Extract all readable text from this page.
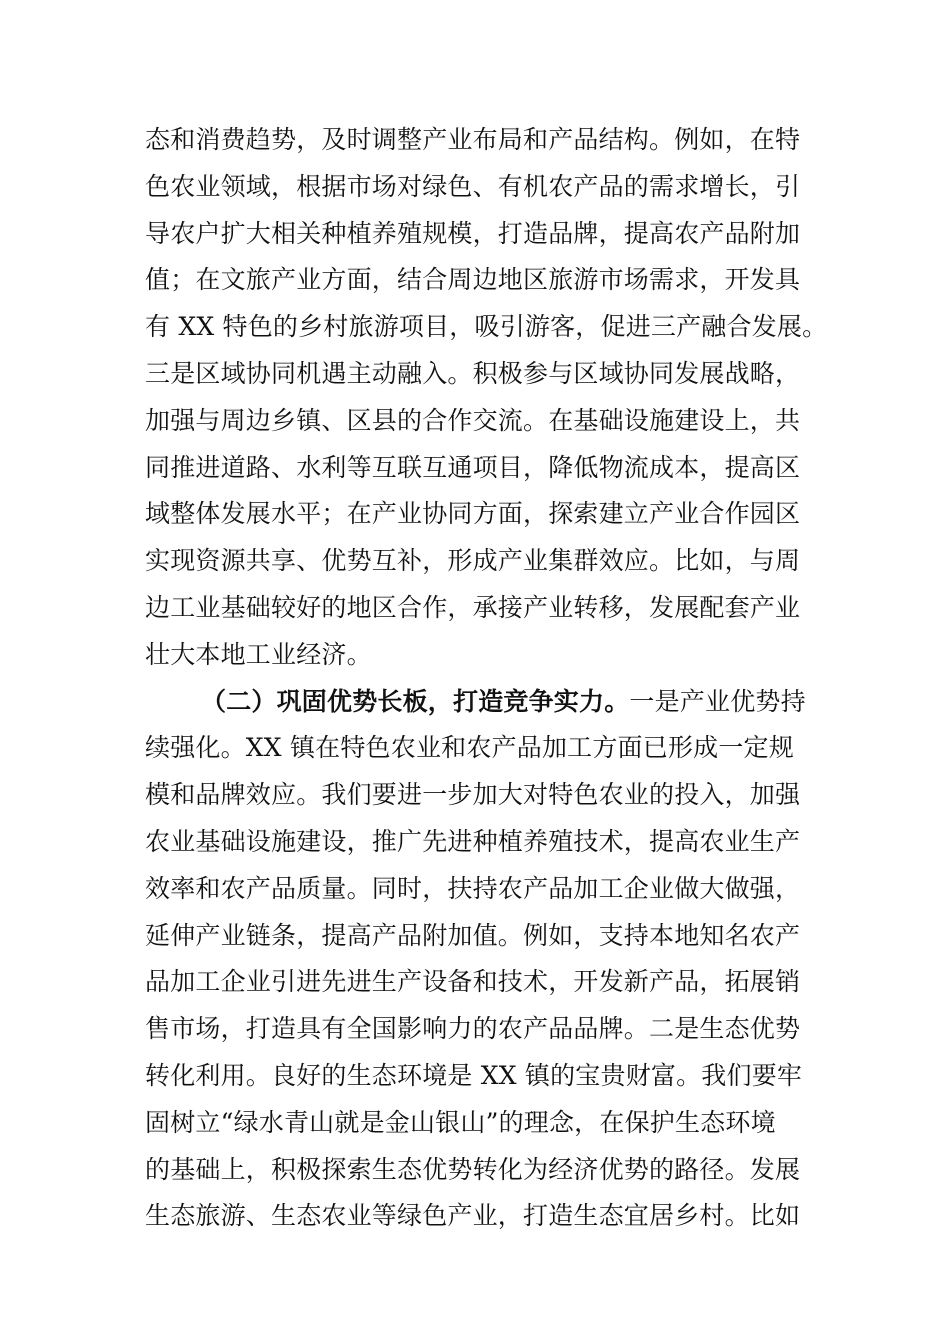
态和消费趋势，及时调整产业布局和产品结构。例如，在特
色农业领域，根据市场对绿色、有机农产品的需求增长，引
导农户扩大相关种植养殖规模，打造品牌，提高农产品附加
值；在文旅产业方面，结合周边地区旅游市场需求，开发具
有 XX 特色的乡村旅游项目，吸引游客，促进三产融合发展。
三是区域协同机遇主动融入。积极参与区域协同发展战略，
加强与周边乡镇、区县的合作交流。在基础设施建设上，共
同推进道路、水利等互联互通项目，降低物流成本，提高区
域整体发展水平；在产业协同方面，探索建立产业合作园区
实现资源共享、优势互补，形成产业集群效应。比如，与周
边工业基础较好的地区合作，承接产业转移，发展配套产业
壮大本地工业经济。
（二）巩固优势长板，打造竞争实力。一是产业优势持
续强化。XX 镇在特色农业和农产品加工方面已形成一定规
模和品牌效应。我们要进一步加大对特色农业的投入，加强
农业基础设施建设，推广先进种植养殖技术，提高农业生产
效率和农产品质量。同时，扶持农产品加工企业做大做强，
延伸产业链条，提高产品附加值。例如，支持本地知名农产
品加工企业引进先进生产设备和技术，开发新产品，拓展销
售市场，打造具有全国影响力的农产品品牌。二是生态优势
转化利用。良好的生态环境是 XX 镇的宝贵财富。我们要牢
固树立“绿水青山就是金山银山”的理念，在保护生态环境
的基础上，积极探索生态优势转化为经济优势的路径。发展
生态旅游、生态农业等绿色产业，打造生态宜居乡村。比如
